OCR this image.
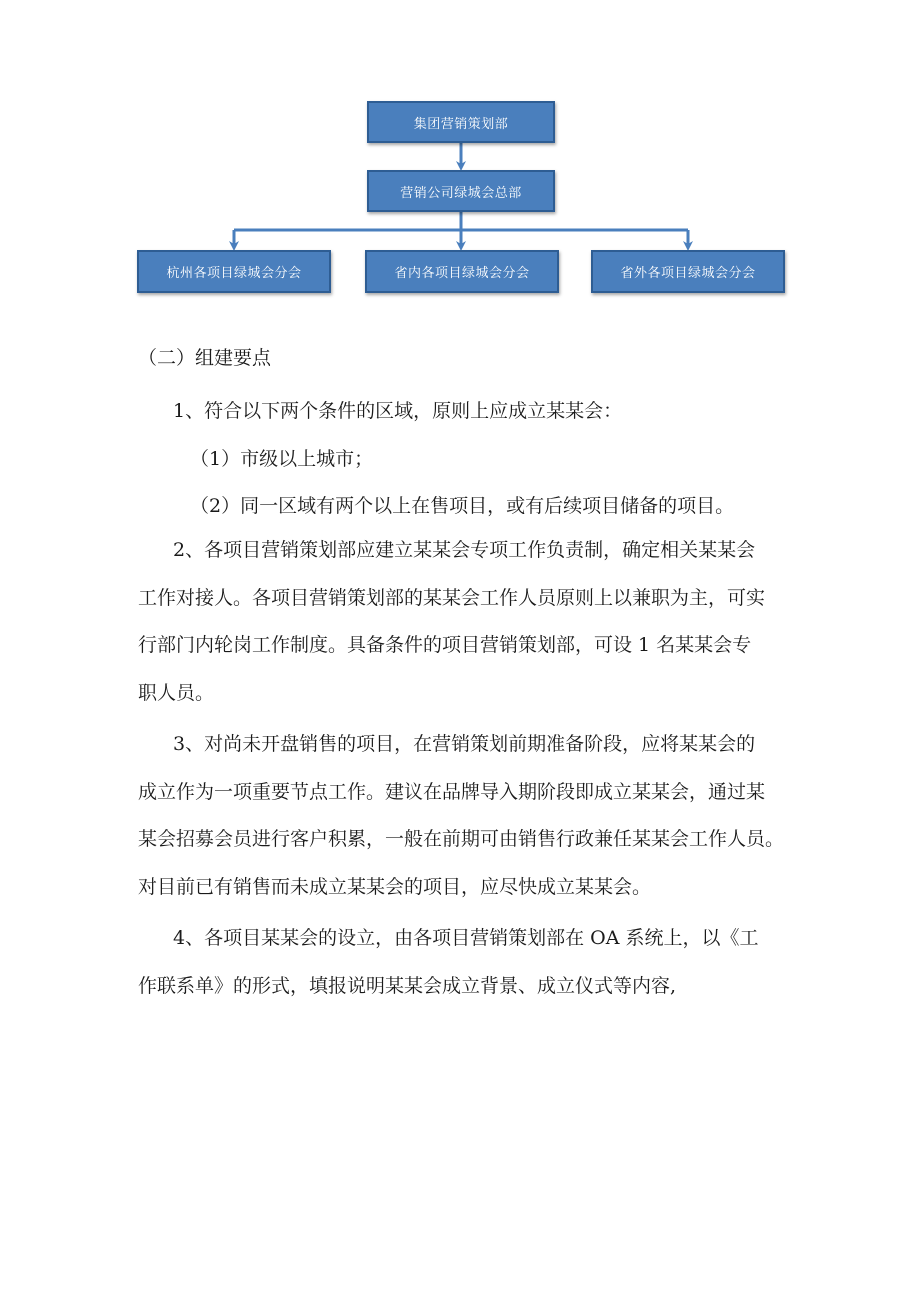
集团营销策划部
营销公司绿城会总部
杭州各项目绿城会分会	省内各项目绿城会分会	省外各项目绿城会分会

（二）组建要点

1、符合以下两个条件的区域，原则上应成立某某会：

（1）市级以上城市；

（2）同一区域有两个以上在售项目，或有后续项目储备的项目。

2、各项目营销策划部应建立某某会专项工作负责制，确定相关某某会
工作对接人。各项目营销策划部的某某会工作人员原则上以兼职为主，可实
行部门内轮岗工作制度。具备条件的项目营销策划部，可设 1 名某某会专
职人员。
3、对尚未开盘销售的项目，在营销策划前期准备阶段，应将某某会的
成立作为一项重要节点工作。建议在品牌导入期阶段即成立某某会，通过某
某会招募会员进行客户积累，一般在前期可由销售行政兼任某某会工作人员。
对目前已有销售而未成立某某会的项目，应尽快成立某某会。
4、各项目某某会的设立，由各项目营销策划部在 OA 系统上，以《工
作联系单》的形式，填报说明某某会成立背景、成立仪式等内容,
